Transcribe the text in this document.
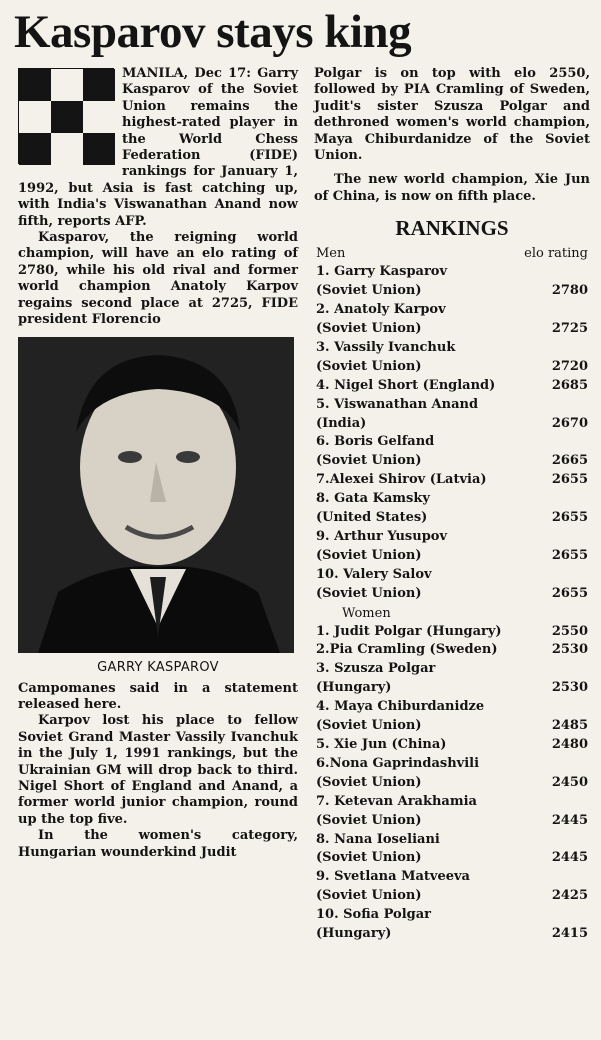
Kasparov stays king

MANILA, Dec 17: Garry Kasparov of the Soviet Union remains the highest-rated player in the World Chess Federation (FIDE) rankings for January 1, 1992, but Asia is fast catching up, with India's Viswanathan Anand now fifth, reports AFP.

Kasparov, the reigning world champion, will have an elo rating of 2780, while his old rival and former world champion Anatoly Karpov regains second place at 2725, FIDE president Florencio

GARRY KASPAROV

Campomanes said in a statement released here.

Karpov lost his place to fellow Soviet Grand Master Vassily Ivanchuk in the July 1, 1991 rankings, but the Ukrainian GM will drop back to third. Nigel Short of England and Anand, a former world junior champion, round up the top five.

In the women's category, Hungarian wounderkind Judit

Polgar is on top with elo 2550, followed by PIA Cramling of Sweden, Judit's sister Szusza Polgar and dethroned women's world champion, Maya Chiburdanidze of the Soviet Union.

The new world champion, Xie Jun of China, is now on fifth place.

RANKINGS
Men	elo rating
1. Garry Kasparov
(Soviet Union)	2780
2. Anatoly Karpov
(Soviet Union)	2725
3. Vassily Ivanchuk
(Soviet Union)	2720
4. Nigel Short (England)	2685
5. Viswanathan Anand
(India)	2670
6. Boris Gelfand
(Soviet Union)	2665
7.Alexei Shirov (Latvia)	2655
8. Gata Kamsky
(United States)	2655
9. Arthur Yusupov
(Soviet Union)	2655
10. Valery Salov
(Soviet Union)	2655
Women
1. Judit Polgar (Hungary)	2550
2.Pia Cramling (Sweden)	2530
3. Szusza Polgar
(Hungary)	2530
4. Maya Chiburdanidze
(Soviet Union)	2485
5. Xie Jun (China)	2480
6.Nona Gaprindashvili
(Soviet Union)	2450
7. Ketevan Arakhamia
(Soviet Union)	2445
8. Nana Ioseliani
(Soviet Union)	2445
9. Svetlana Matveeva
(Soviet Union)	2425
10. Sofia Polgar
(Hungary)	2415
